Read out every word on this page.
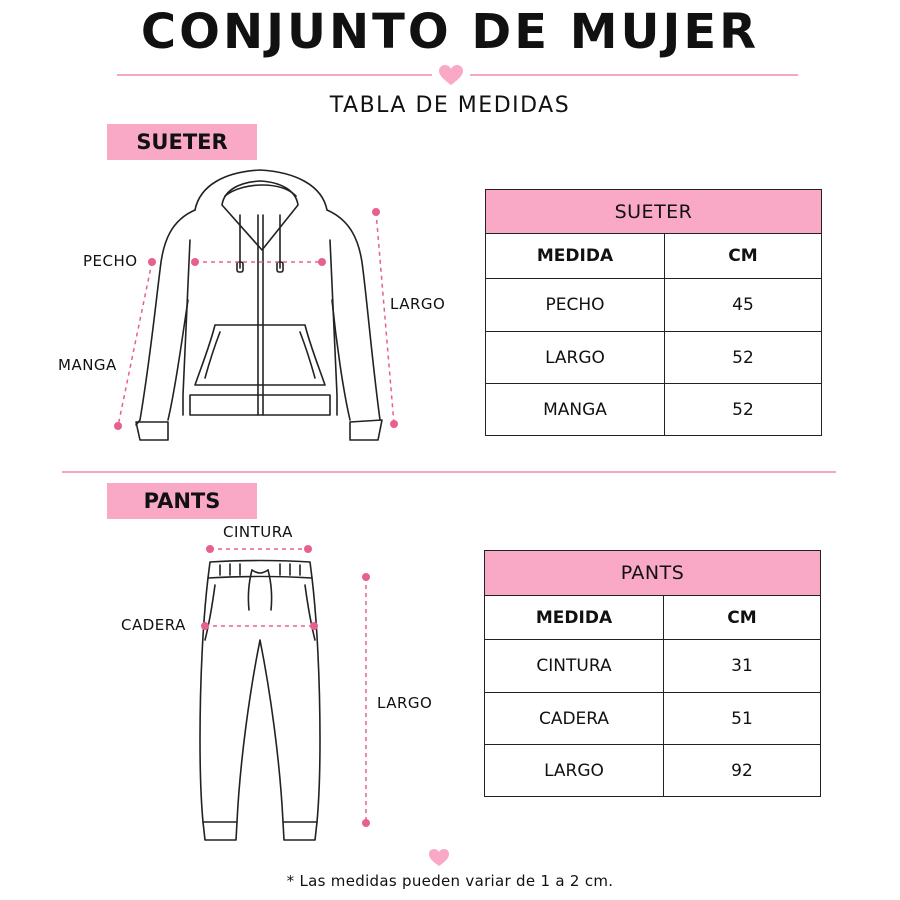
CONJUNTO DE MUJER
TABLA DE MEDIDAS
SUETER
PANTS
PECHO
LARGO
MANGA
CINTURA
CADERA
LARGO
SUETER	
MEDIDA	CM
PECHO	45
LARGO	52
MANGA	52
PANTS	
MEDIDA	CM
CINTURA	31
CADERA	51
LARGO	92
* Las medidas pueden variar de 1 a 2 cm.
